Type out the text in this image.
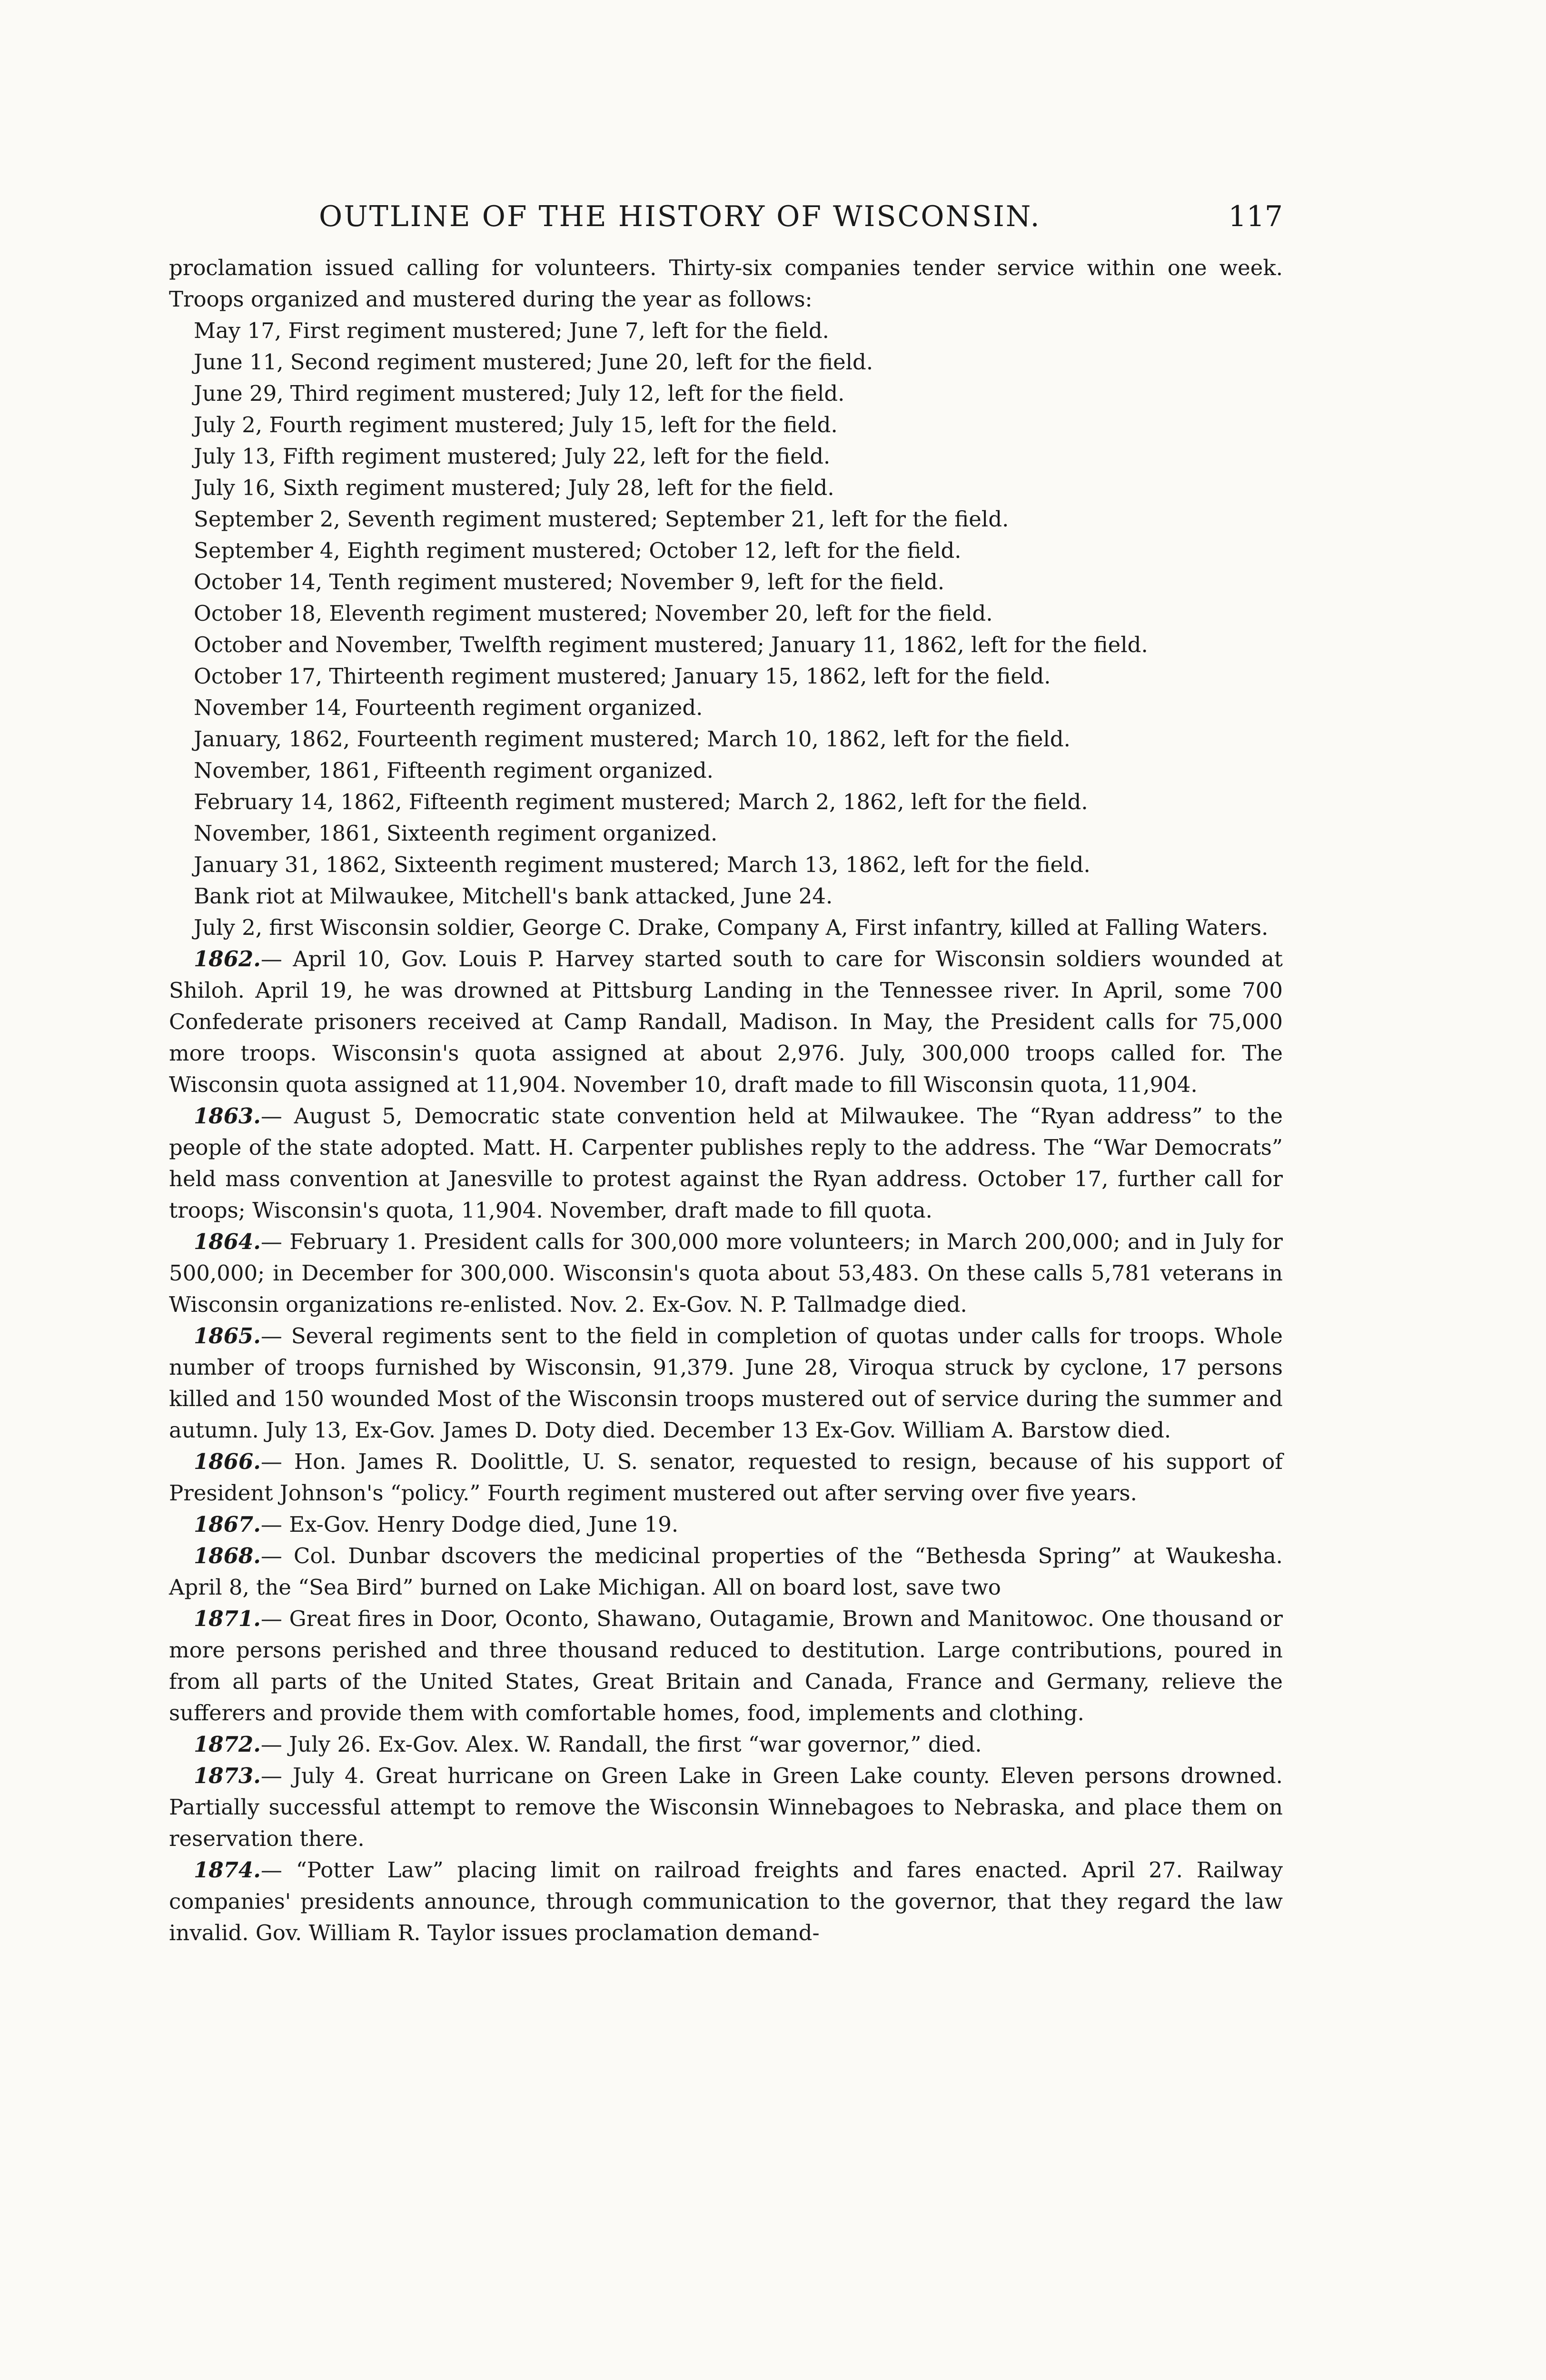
OUTLINE OF THE HISTORY OF WISCONSIN.	117

proclamation issued calling for volunteers. Thirty-six companies tender service within one week. Troops organized and mustered during the year as follows:

May 17, First regiment mustered; June 7, left for the field.
June 11, Second regiment mustered; June 20, left for the field.
June 29, Third regiment mustered; July 12, left for the field.
July 2, Fourth regiment mustered; July 15, left for the field.
July 13, Fifth regiment mustered; July 22, left for the field.
July 16, Sixth regiment mustered; July 28, left for the field.
September 2, Seventh regiment mustered; September 21, left for the field.
September 4, Eighth regiment mustered; October 12, left for the field.
October 14, Tenth regiment mustered; November 9, left for the field.
October 18, Eleventh regiment mustered; November 20, left for the field.
October and November, Twelfth regiment mustered; January 11, 1862, left for the field.
October 17, Thirteenth regiment mustered; January 15, 1862, left for the field.
November 14, Fourteenth regiment organized.
January, 1862, Fourteenth regiment mustered; March 10, 1862, left for the field.
November, 1861, Fifteenth regiment organized.
February 14, 1862, Fifteenth regiment mustered; March 2, 1862, left for the field.
November, 1861, Sixteenth regiment organized.
January 31, 1862, Sixteenth regiment mustered; March 13, 1862, left for the field.
Bank riot at Milwaukee, Mitchell's bank attacked, June 24.

July 2, first Wisconsin soldier, George C. Drake, Company A, First infantry, killed at Falling Waters.

1862.— April 10, Gov. Louis P. Harvey started south to care for Wisconsin soldiers wounded at Shiloh. April 19, he was drowned at Pittsburg Landing in the Tennessee river. In April, some 700 Confederate prisoners received at Camp Randall, Madison. In May, the President calls for 75,000 more troops. Wisconsin's quota assigned at about 2,976. July, 300,000 troops called for. The Wisconsin quota assigned at 11,904. November 10, draft made to fill Wisconsin quota, 11,904.

1863.— August 5, Democratic state convention held at Milwaukee. The “Ryan address” to the people of the state adopted. Matt. H. Carpenter publishes reply to the address. The “War Democrats” held mass convention at Janesville to protest against the Ryan address. October 17, further call for troops; Wisconsin's quota, 11,904. November, draft made to fill quota.

1864.— February 1. President calls for 300,000 more volunteers; in March 200,000; and in July for 500,000; in December for 300,000. Wisconsin's quota about 53,483. On these calls 5,781 veterans in Wisconsin organizations re-enlisted. Nov. 2. Ex-Gov. N. P. Tallmadge died.

1865.— Several regiments sent to the field in completion of quotas under calls for troops. Whole number of troops furnished by Wisconsin, 91,379. June 28, Viroqua struck by cyclone, 17 persons killed and 150 wounded Most of the Wisconsin troops mustered out of service during the summer and autumn. July 13, Ex-Gov. James D. Doty died. December 13 Ex-Gov. William A. Barstow died.

1866.— Hon. James R. Doolittle, U. S. senator, requested to resign, because of his support of President Johnson's “policy.” Fourth regiment mustered out after serving over five years.

1867.— Ex-Gov. Henry Dodge died, June 19.

1868.— Col. Dunbar dscovers the medicinal properties of the “Bethesda Spring” at Waukesha. April 8, the “Sea Bird” burned on Lake Michigan. All on board lost, save two

1871.— Great fires in Door, Oconto, Shawano, Outagamie, Brown and Manitowoc. One thousand or more persons perished and three thousand reduced to destitution. Large contributions, poured in from all parts of the United States, Great Britain and Canada, France and Germany, relieve the sufferers and provide them with comfortable homes, food, implements and clothing.

1872.— July 26. Ex-Gov. Alex. W. Randall, the first “war governor,” died.

1873.— July 4. Great hurricane on Green Lake in Green Lake county. Eleven persons drowned. Partially successful attempt to remove the Wisconsin Winnebagoes to Nebraska, and place them on reservation there.

1874.— “Potter Law” placing limit on railroad freights and fares enacted. April 27. Railway companies' presidents announce, through communication to the governor, that they regard the law invalid. Gov. William R. Taylor issues proclamation demand-
